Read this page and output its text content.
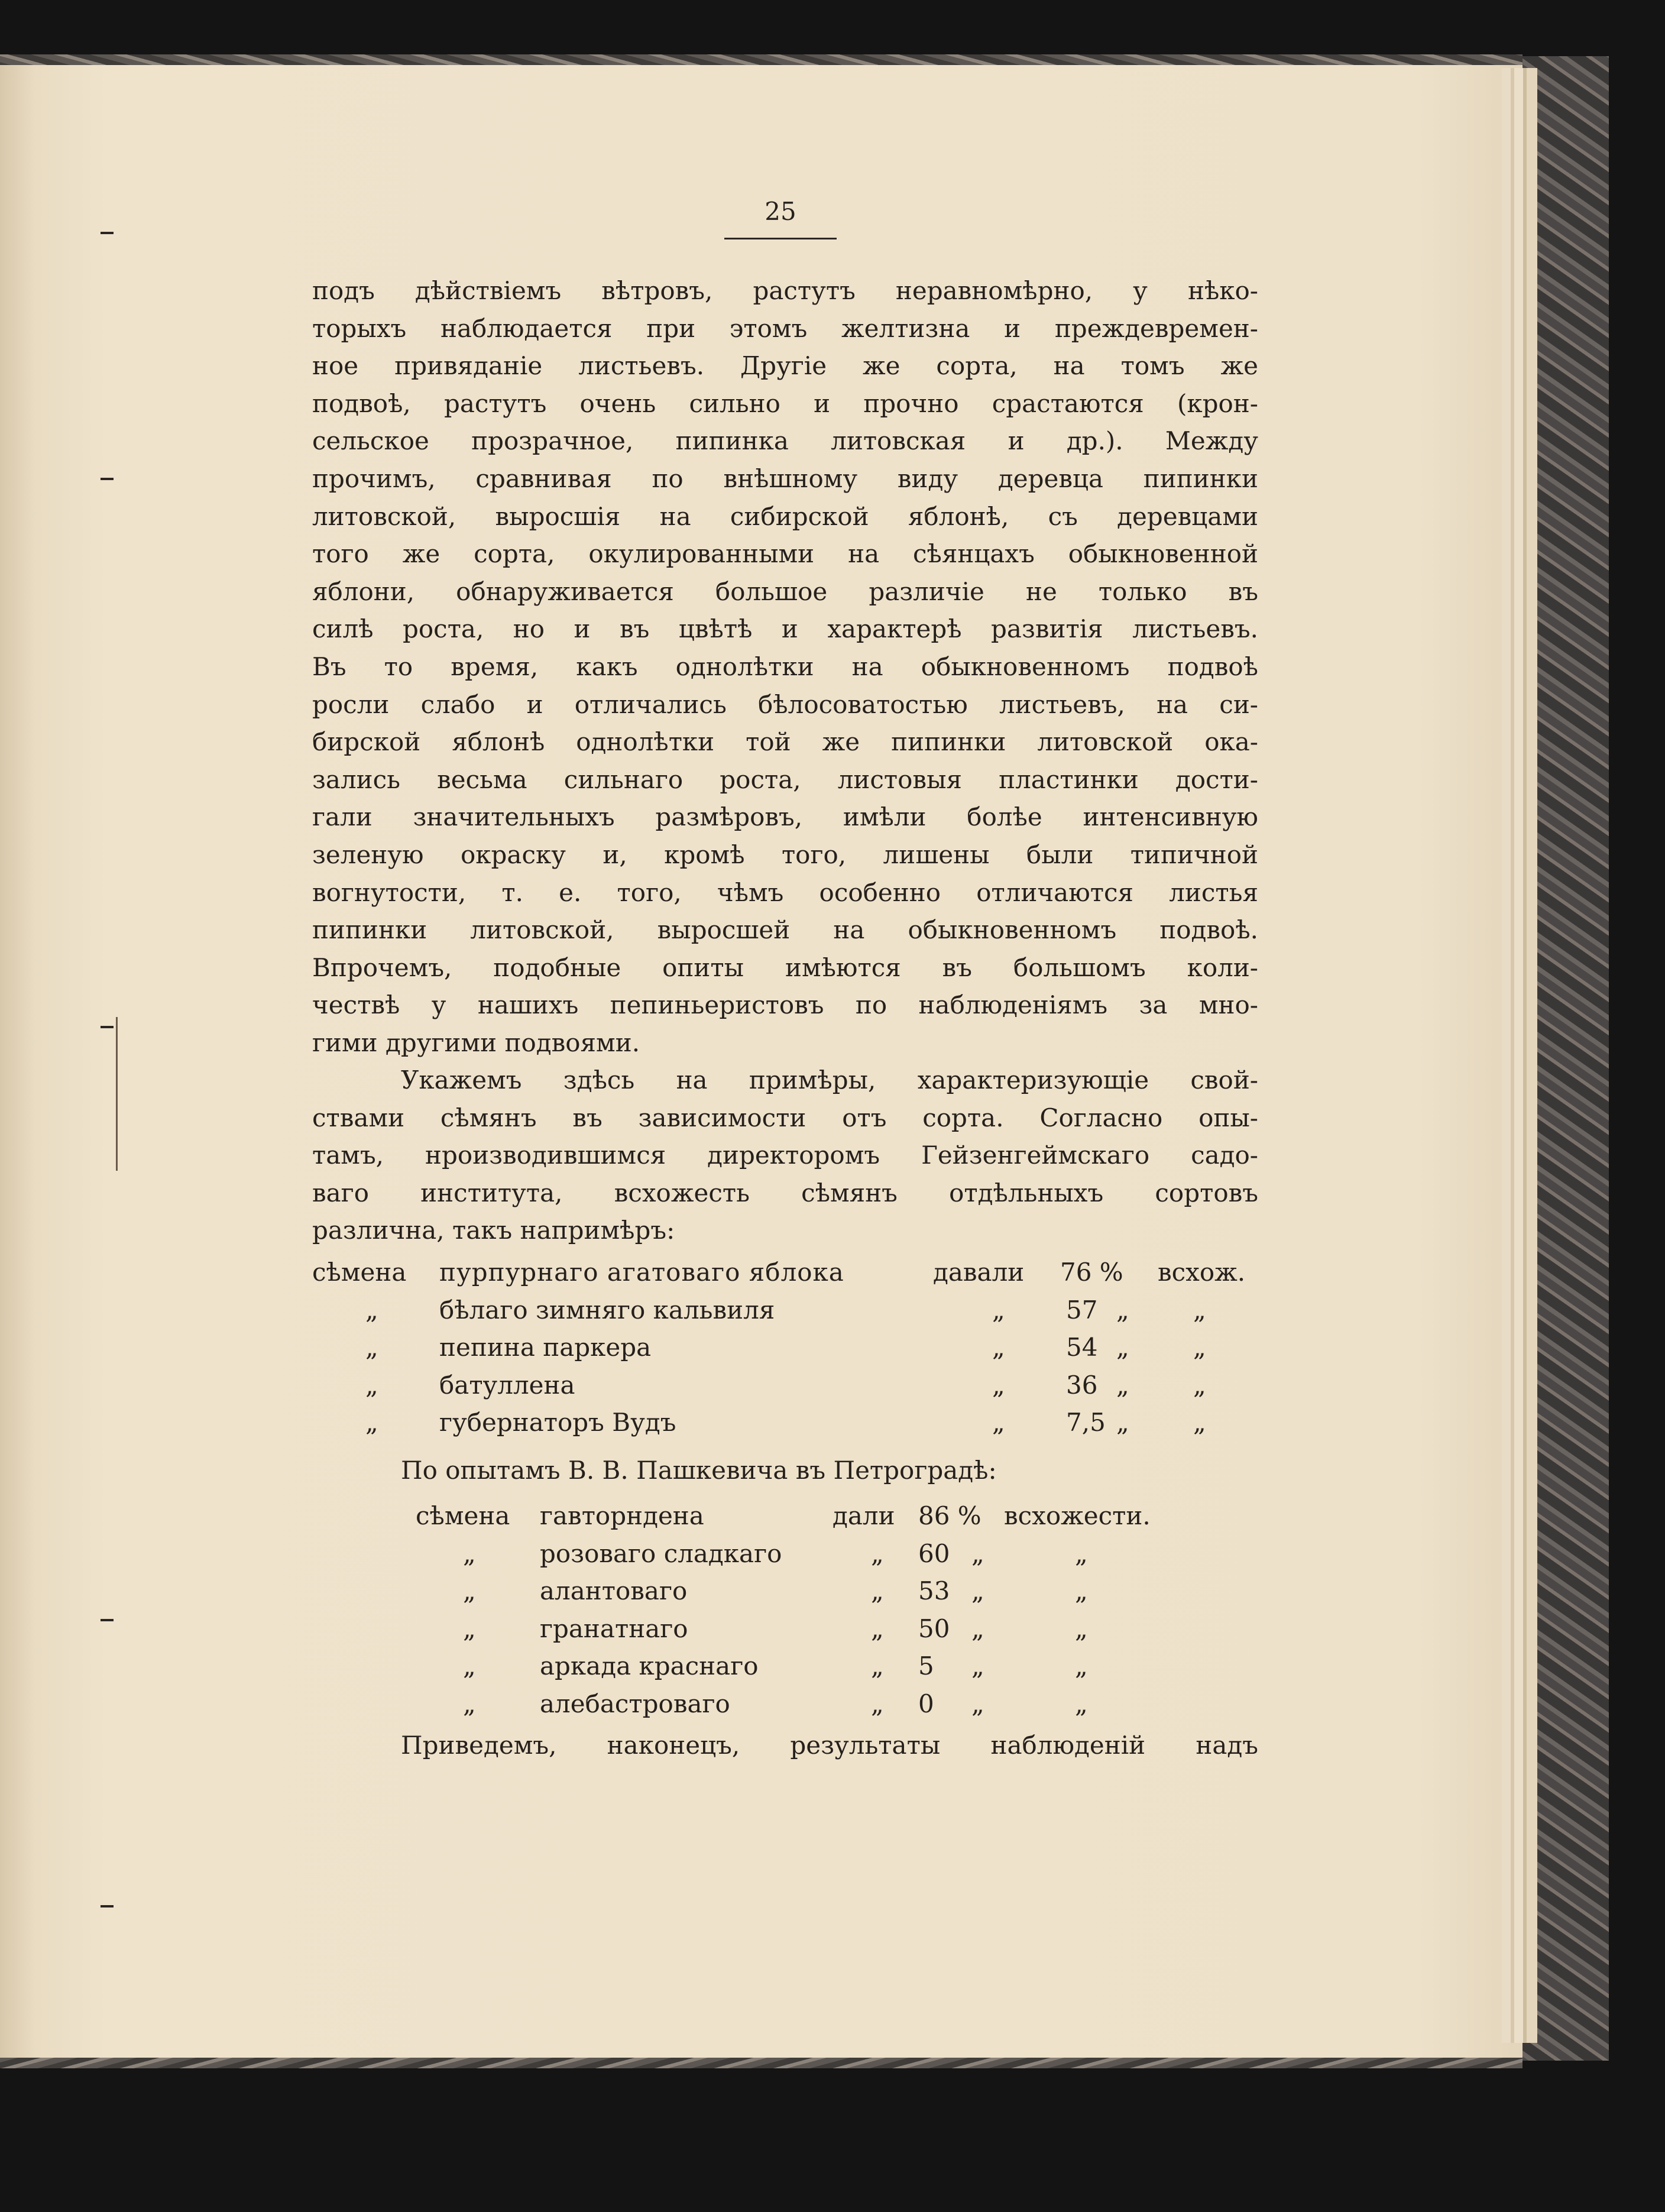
25
подъ дѣйствіемъ вѣтровъ, растутъ неравномѣрно, у нѣко-
торыхъ наблюдается при этомъ желтизна и преждевремен-
ное привяданіе листьевъ. Другіе же сорта, на томъ же
подвоѣ, растутъ очень сильно и прочно срастаются (крон-
сельское прозрачное, пипинка литовская и др.). Между
прочимъ, сравнивая по внѣшному виду деревца пипинки
литовской, выросшія на сибирской яблонѣ, съ деревцами
того же сорта, окулированными на сѣянцахъ обыкновенной
яблони, обнаруживается большое различіе не только въ
силѣ роста, но и въ цвѣтѣ и характерѣ развитія листьевъ.
Въ то время, какъ однолѣтки на обыкновенномъ подвоѣ
росли слабо и отличались бѣлосоватостью листьевъ, на си-
бирской яблонѣ однолѣтки той же пипинки литовской ока-
зались весьма сильнаго роста, листовыя пластинки дости-
гали значительныхъ размѣровъ, имѣли болѣе интенсивную
зеленую окраску и, кромѣ того, лишены были типичной
вогнутости, т. е. того, чѣмъ особенно отличаются листья
пипинки литовской, выросшей на обыкновенномъ подвоѣ.
Впрочемъ, подобные опиты имѣются въ большомъ коли-
чествѣ у нашихъ пепиньеристовъ по наблюденіямъ за мно-
гими другими подвоями.
Укажемъ здѣсь на примѣры, характеризующіе свой-
ствами сѣмянъ въ зависимости отъ сорта. Согласно опы-
тамъ, нроизводившимся директоромъ Гейзенгеймскаго садо-
ваго института, всхожесть сѣмянъ отдѣльныхъ сортовъ
различна, такъ напримѣръ:
сѣмена пурпурнаго агатоваго яблока	давали 76 % всхож.
„ бѣлаго зимняго кальвиля	„ 57 „	„
„ пепина паркера	„ 54 „	„
„ батуллена	„ 36 „	„
„ губернаторъ Вудъ	„ 7,5 „	„
По опытамъ В. В. Пашкевича въ Петроградѣ:
сѣмена гавторндена	дали 86 % всхожести.
„	розоваго сладкаго	„ 60 „	„
„	алантоваго	„ 53 „	„
„	гранатнаго	„ 50 „	„
„	аркада краснаго	„ 5 „	„
„	алебастроваго	„ 0 „	„
Приведемъ, наконецъ, результаты наблюденій надъ
